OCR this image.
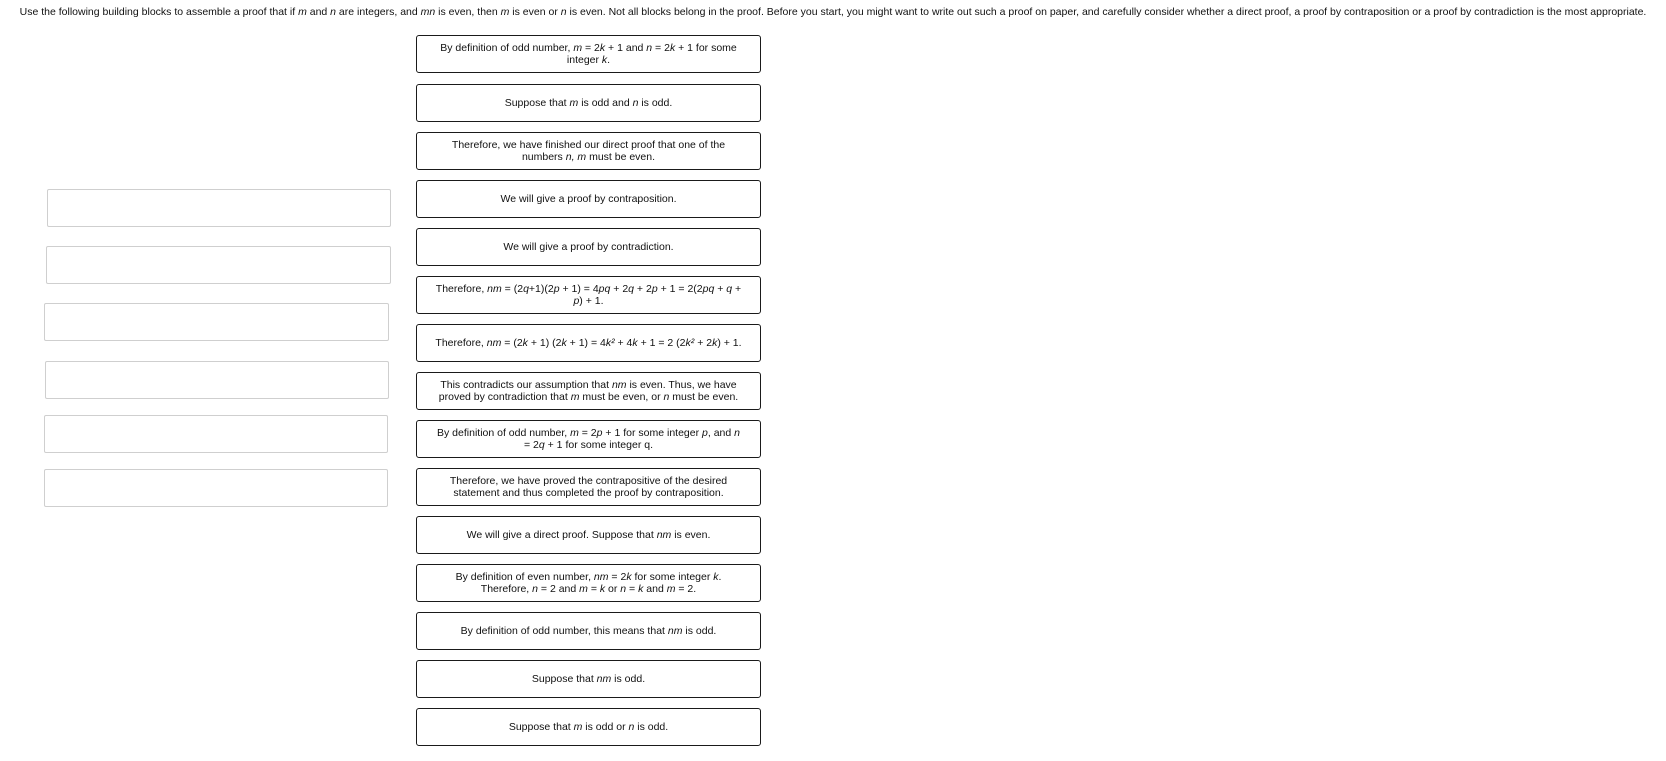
Use the following building blocks to assemble a proof that if m and n are integers, and mn is even, then m is even or n is even. Not all blocks belong in the proof. Before you start, you might want to write out such a proof on paper, and carefully consider whether a direct proof, a proof by contraposition or a proof by contradiction is the most appropriate.
By definition of odd number, m = 2k + 1 and n = 2k + 1 for some integer k.
Suppose that m is odd and n is odd.
Therefore, we have finished our direct proof that one of the numbers n, m must be even.
We will give a proof by contraposition.
We will give a proof by contradiction.
Therefore, nm = (2q+1)(2p + 1) = 4pq + 2q + 2p + 1 = 2(2pq + q + p) + 1.
Therefore, nm = (2k + 1) (2k + 1) = 4k² + 4k + 1 = 2 (2k² + 2k) + 1.
This contradicts our assumption that nm is even. Thus, we have proved by contradiction that m must be even, or n must be even.
By definition of odd number, m = 2p + 1 for some integer p, and n = 2q + 1 for some integer q.
Therefore, we have proved the contrapositive of the desired statement and thus completed the proof by contraposition.
We will give a direct proof. Suppose that nm is even.
By definition of even number, nm = 2k for some integer k. Therefore, n = 2 and m = k or n = k and m = 2.
By definition of odd number, this means that nm is odd.
Suppose that nm is odd.
Suppose that m is odd or n is odd.
